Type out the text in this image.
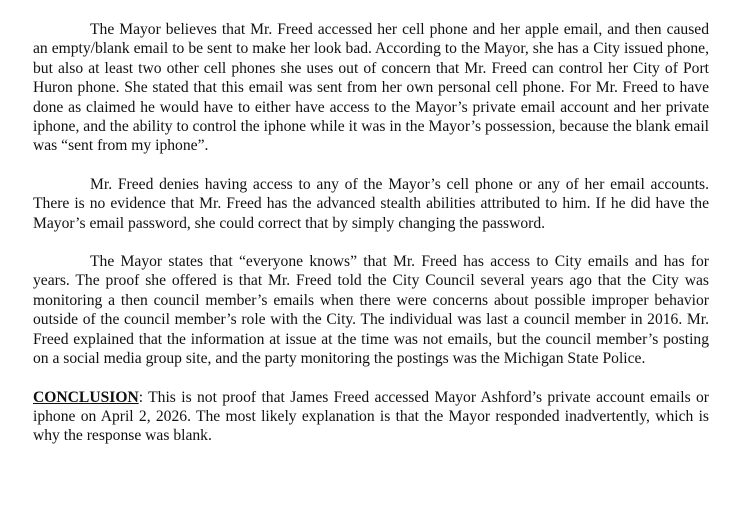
The Mayor believes that Mr. Freed accessed her cell phone and her apple email, and then caused an empty/blank email to be sent to make her look bad. According to the Mayor, she has a City issued phone, but also at least two other cell phones she uses out of concern that Mr. Freed can control her City of Port Huron phone. She stated that this email was sent from her own personal cell phone. For Mr. Freed to have done as claimed he would have to either have access to the Mayor’s private email account and her private iphone, and the ability to control the iphone while it was in the Mayor’s possession, because the blank email was “sent from my iphone”.

Mr. Freed denies having access to any of the Mayor’s cell phone or any of her email accounts. There is no evidence that Mr. Freed has the advanced stealth abilities attributed to him. If he did have the Mayor’s email password, she could correct that by simply changing the password.

The Mayor states that “everyone knows” that Mr. Freed has access to City emails and has for years. The proof she offered is that Mr. Freed told the City Council several years ago that the City was monitoring a then council member’s emails when there were concerns about possible improper behavior outside of the council member’s role with the City. The individual was last a council member in 2016. Mr. Freed explained that the information at issue at the time was not emails, but the council member’s posting on a social media group site, and the party monitoring the postings was the Michigan State Police.

CONCLUSION: This is not proof that James Freed accessed Mayor Ashford’s private account emails or iphone on April 2, 2026. The most likely explanation is that the Mayor responded inadvertently, which is why the response was blank.
